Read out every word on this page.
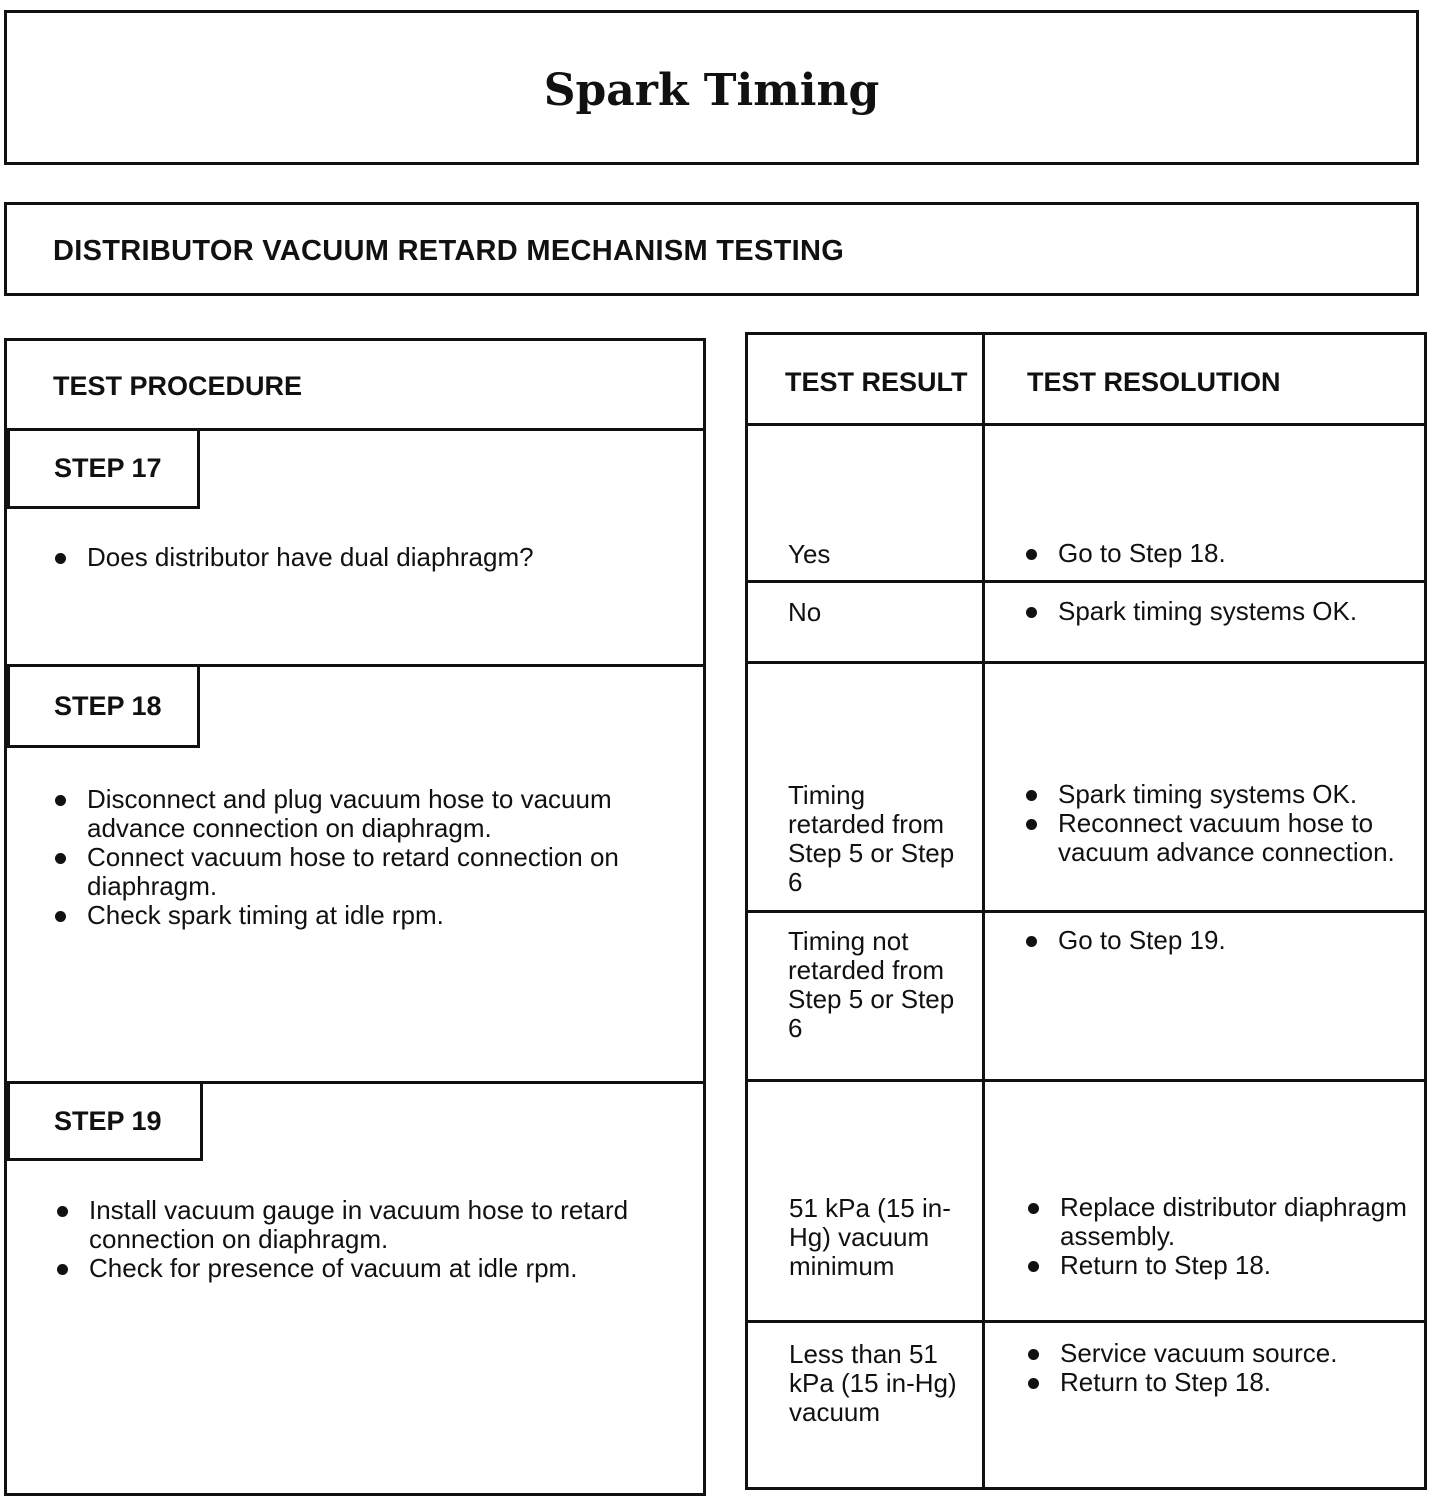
Spark Timing
DISTRIBUTOR VACUUM RETARD MECHANISM TESTING
TEST PROCEDURE
STEP 17
Does distributor have dual diaphragm?
STEP 18
Disconnect and plug vacuum hose to vacuum advance connection on diaphragm.
Connect vacuum hose to retard connection on diaphragm.
Check spark timing at idle rpm.
STEP 19
Install vacuum gauge in vacuum hose to retard connection on diaphragm.
Check for presence of vacuum at idle rpm.
TEST RESULT TEST RESOLUTION
Yes	Go to Step 18.
No	Spark timing systems OK.
Timing retarded from Step 5 or Step 6
Spark timing systems OK.
Reconnect vacuum hose to vacuum advance connection.
Timing not retarded from Step 5 or Step 6
Go to Step 19.
51 kPa (15 in-Hg) vacuum minimum
Replace distributor diaphragm assembly.
Return to Step 18.
Less than 51 kPa (15 in-Hg) vacuum
Service vacuum source.
Return to Step 18.
